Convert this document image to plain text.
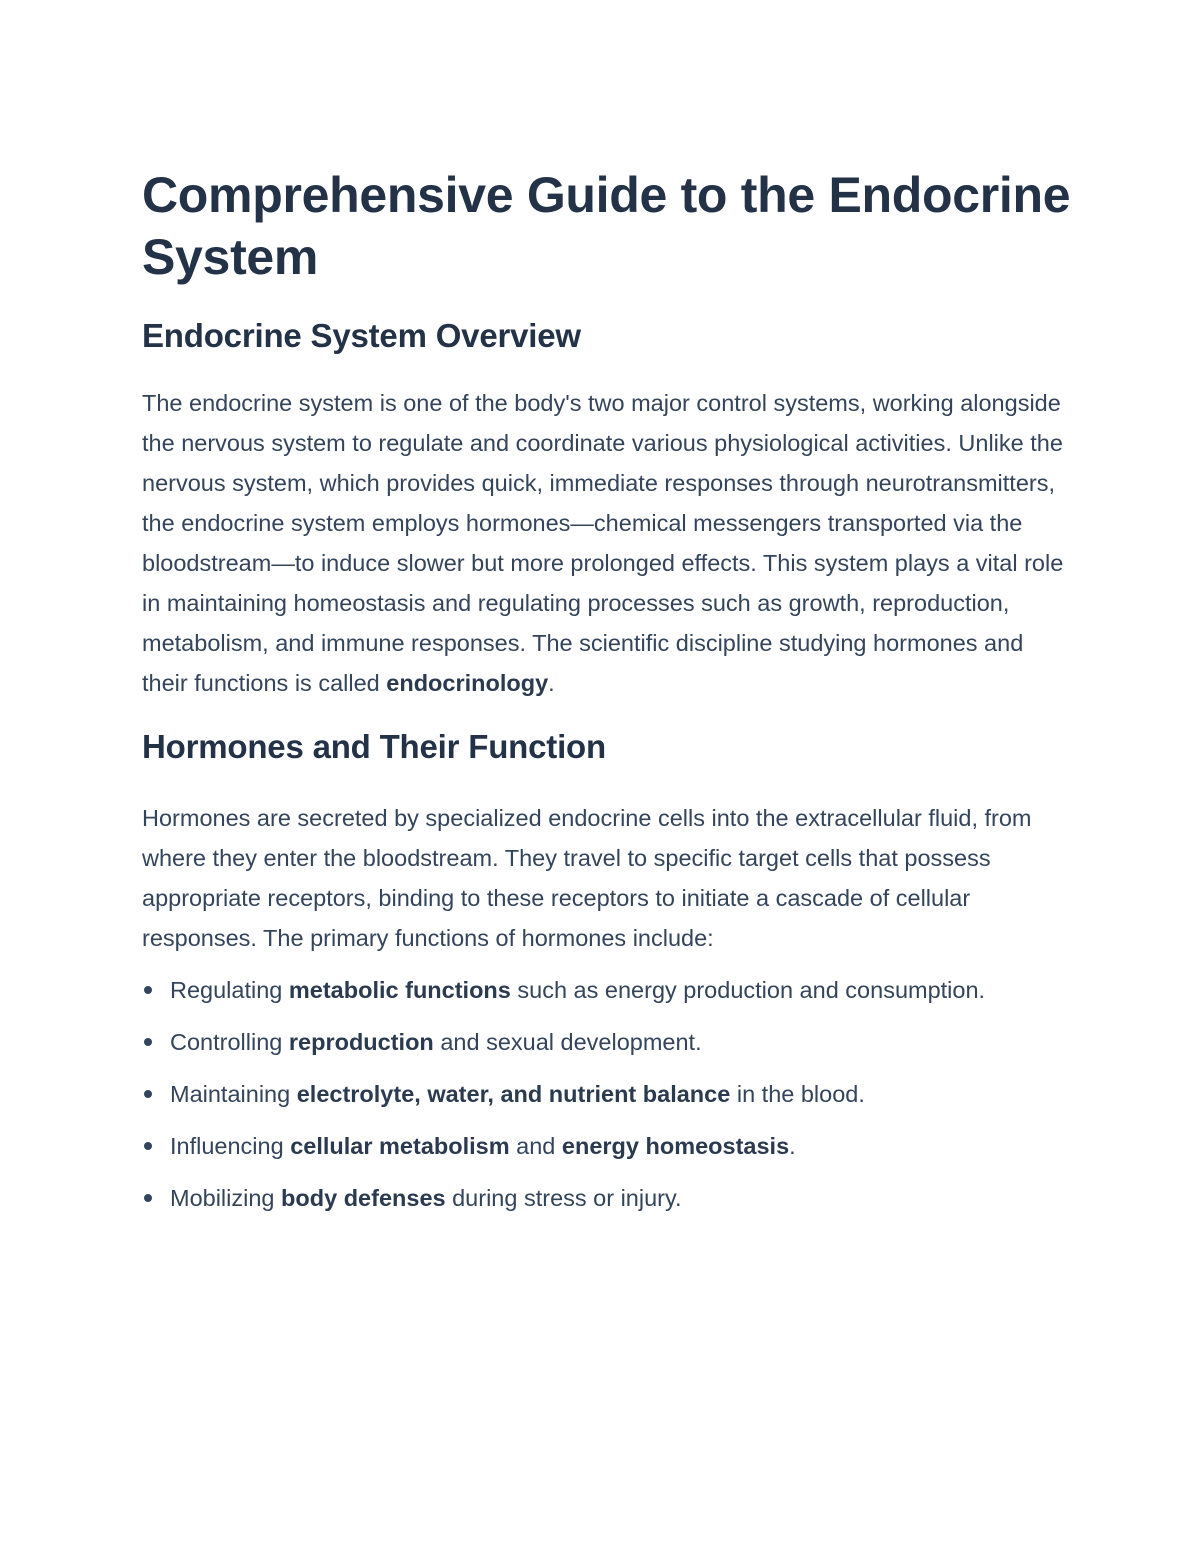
Comprehensive Guide to the Endocrine System
Endocrine System Overview

The endocrine system is one of the body's two major control systems, working alongside the nervous system to regulate and coordinate various physiological activities. Unlike the nervous system, which provides quick, immediate responses through neurotransmitters, the endocrine system employs hormones—chemical messengers transported via the bloodstream—to induce slower but more prolonged effects. This system plays a vital role in maintaining homeostasis and regulating processes such as growth, reproduction, metabolism, and immune responses. The scientific discipline studying hormones and their functions is called endocrinology.

Hormones and Their Function

Hormones are secreted by specialized endocrine cells into the extracellular fluid, from where they enter the bloodstream. They travel to specific target cells that possess appropriate receptors, binding to these receptors to initiate a cascade of cellular responses. The primary functions of hormones include:

Regulating metabolic functions such as energy production and consumption.
Controlling reproduction and sexual development.
Maintaining electrolyte, water, and nutrient balance in the blood.
Influencing cellular metabolism and energy homeostasis.
Mobilizing body defenses during stress or injury.
